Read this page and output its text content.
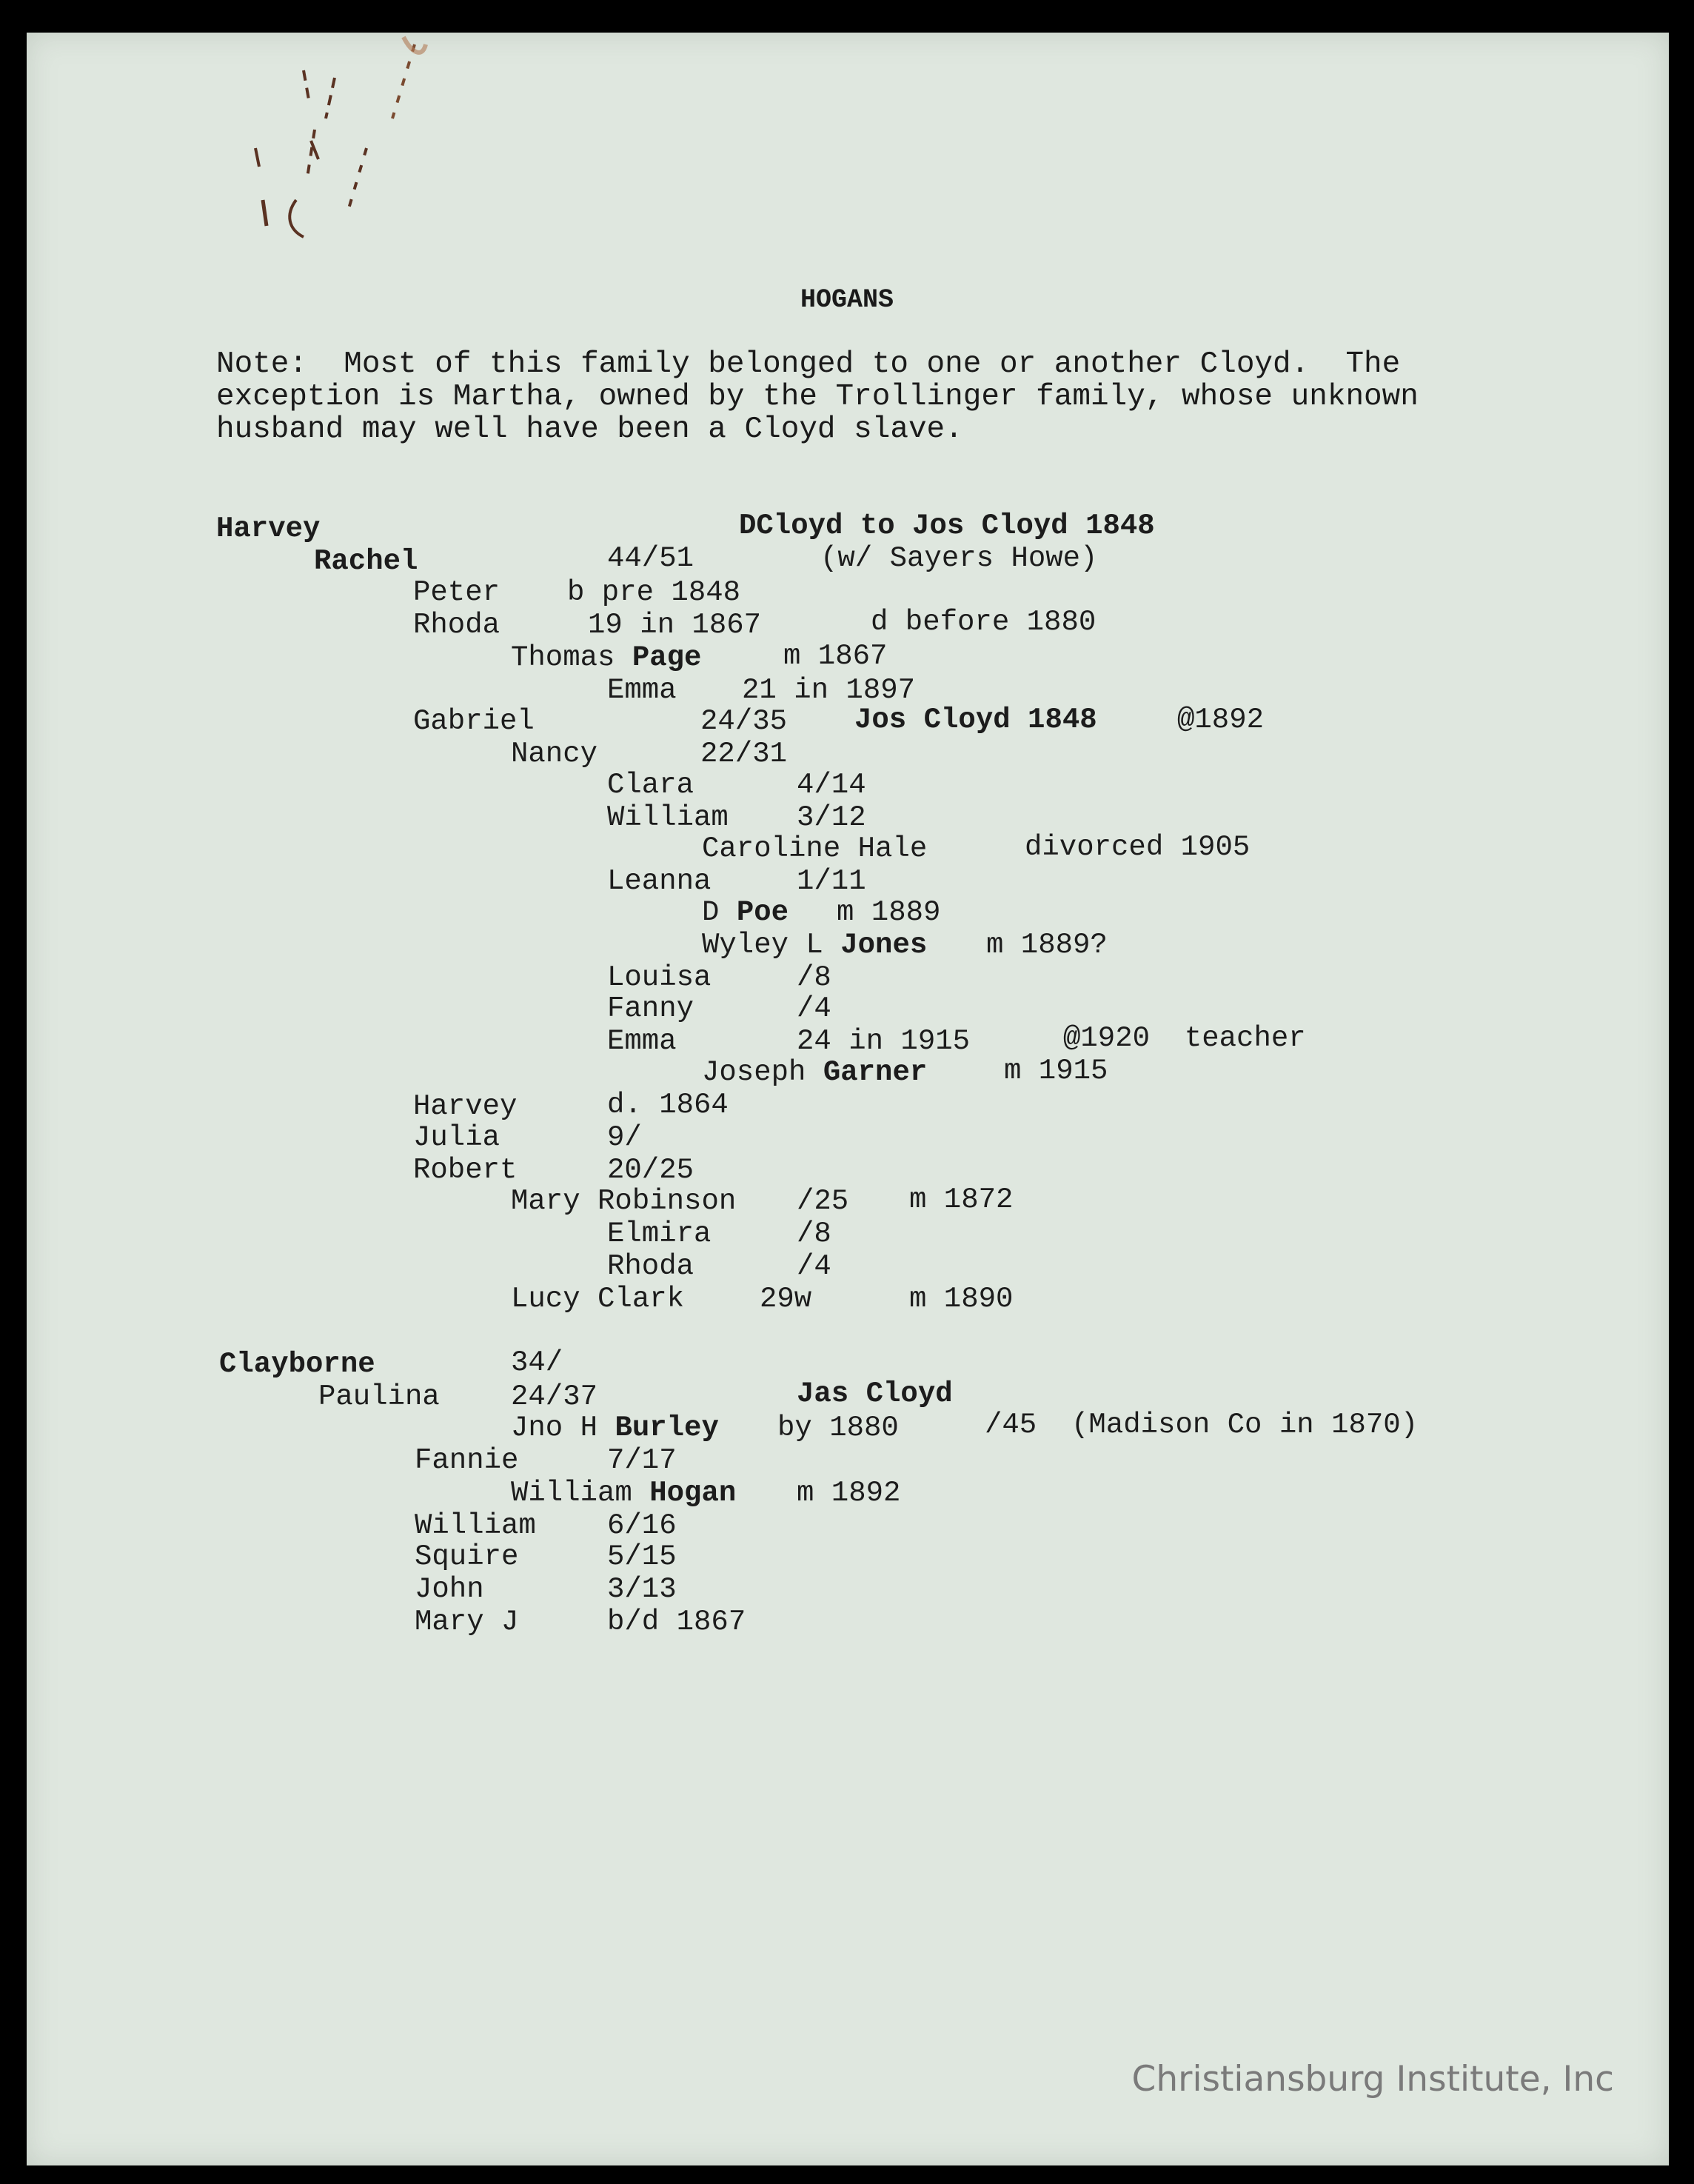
HOGANS
Note:  Most of this family belonged to one or another Cloyd.  The
exception is Martha, owned by the Trollinger family, whose unknown
husband may well have been a Cloyd slave.
Harvey	DCloyd to Jos Cloyd 1848
Rachel	44/51	(w/ Sayers Howe)
Peter b pre 1848
Rhoda	19 in 1867	d before 1880
Thomas Page	m 1867
Emma 21 in 1897
Gabriel	24/35 Jos Cloyd 1848	@1892
Nancy	22/31
Clara	4/14
William 3/12
Caroline Hale	divorced 1905
Leanna	1/11
D Poe m 1889
Wyley L Jones m 1889?
Louisa	/8
Fanny	/4
Emma	24 in 1915	@1920  teacher
Joseph Garner	m 1915
Harvey	d. 1864
Julia	9/
Robert	20/25
Mary Robinson /25 m 1872
Elmira	/8
Rhoda	/4
Lucy Clark	29w	m 1890
Clayborne	34/
Paulina 24/37	Jas Cloyd
Jno H Burley by 1880	/45  (Madison Co in 1870)
Fannie	7/17
William Hogan m 1892
William 6/16
Squire	5/15
John	3/13
Mary J	b/d 1867
Christiansburg Institute, Inc
